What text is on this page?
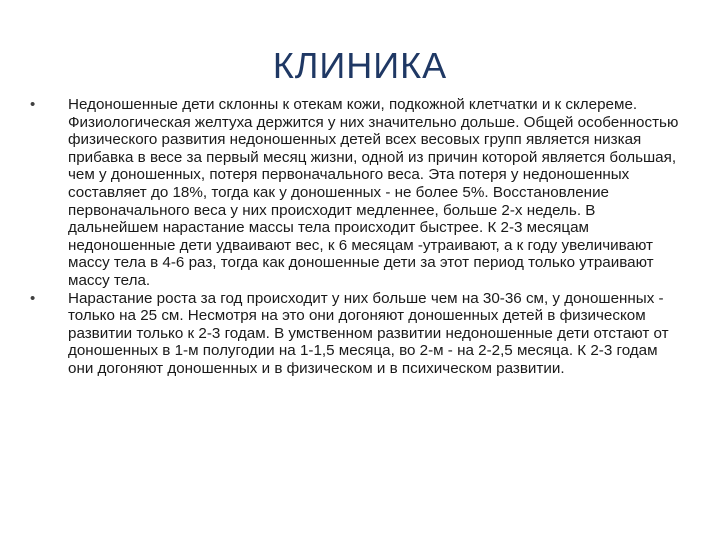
КЛИНИКА
•	Недоношенные дети склонны к отекам кожи, подкожной клетчатки и к склереме. Физиологическая желтуха держится у них значительно дольше. Общей особенностью физического развития недоношенных детей всех весовых групп является низкая прибавка в весе за первый месяц жизни, одной из причин которой является большая, чем у доношенных, потеря первоначального веса. Эта потеря у недоношенных составляет до 18%, тогда как у доношенных - не более 5%. Восстановление первоначального веса у них происходит медленнее, больше 2-х недель. В дальнейшем нарастание массы тела происходит быстрее. К 2-3 месяцам недоношенные дети удваивают вес, к 6 месяцам -утраивают, а к году увеличивают массу тела в 4-6 раз, тогда как доношенные дети за этот период только утраивают массу тела.
•	Нарастание роста за год происходит у них больше чем на 30-36 см, у доношенных - только на 25 см. Несмотря на это они догоняют доношенных детей в физическом развитии только к 2-3 годам. В умственном развитии недоношенные дети отстают от доношенных в 1-м полугодии на 1-1,5 месяца, во 2-м - на 2-2,5 месяца. К 2-3 годам они догоняют доношенных и в физическом и в психическом развитии.
